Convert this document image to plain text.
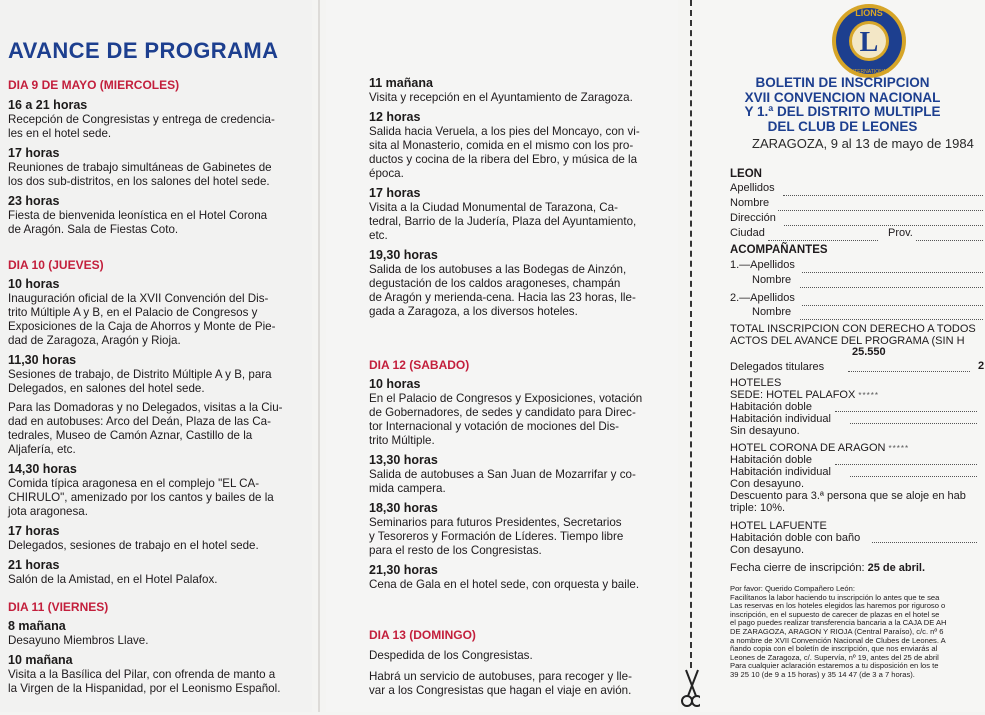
AVANCE DE PROGRAMA
DIA 9 DE MAYO (MIERCOLES)
16 a 21 horas
Recepción de Congresistas y entrega de credencia-
les en el hotel sede.
17 horas
Reuniones de trabajo simultáneas de Gabinetes de
los dos sub-distritos, en los salones del hotel sede.
23 horas
Fiesta de bienvenida leonística en el Hotel Corona
de Aragón. Sala de Fiestas Coto.
DIA 10 (JUEVES)
10 horas
Inauguración oficial de la XVII Convención del Dis-
trito Múltiple A y B, en el Palacio de Congresos y
Exposiciones de la Caja de Ahorros y Monte de Pie-
dad de Zaragoza, Aragón y Rioja.
11,30 horas
Sesiones de trabajo, de Distrito Múltiple A y B, para
Delegados, en salones del hotel sede.
Para las Domadoras y no Delegados, visitas a la Ciu-
dad en autobuses: Arco del Deán, Plaza de las Ca-
tedrales, Museo de Camón Aznar, Castillo de la
Aljafería, etc.
14,30 horas
Comida típica aragonesa en el complejo "EL CA-
CHIRULO", amenizado por los cantos y bailes de la
jota aragonesa.
17 horas
Delegados, sesiones de trabajo en el hotel sede.
21 horas
Salón de la Amistad, en el Hotel Palafox.
DIA 11 (VIERNES)
8 mañana
Desayuno Miembros Llave.
10 mañana
Visita a la Basílica del Pilar, con ofrenda de manto a
la Virgen de la Hispanidad, por el Leonismo Español.
11 mañana
Visita y recepción en el Ayuntamiento de Zaragoza.
12 horas
Salida hacia Veruela, a los pies del Moncayo, con vi-
sita al Monasterio, comida en el mismo con los pro-
ductos y cocina de la ribera del Ebro, y música de la
época.
17 horas
Visita a la Ciudad Monumental de Tarazona, Ca-
tedral, Barrio de la Judería, Plaza del Ayuntamiento,
etc.
19,30 horas
Salida de los autobuses a las Bodegas de Ainzón,
degustación de los caldos aragoneses, champán
de Aragón y merienda-cena. Hacia las 23 horas, lle-
gada a Zaragoza, a los diversos hoteles.
DIA 12 (SABADO)
10 horas
En el Palacio de Congresos y Exposiciones, votación
de Gobernadores, de sedes y candidato para Direc-
tor Internacional y votación de mociones del Dis-
trito Múltiple.
13,30 horas
Salida de autobuses a San Juan de Mozarrifar y co-
mida campera.
18,30 horas
Seminarios para futuros Presidentes, Secretarios
y Tesoreros y Formación de Líderes. Tiempo libre
para el resto de los Congresistas.
21,30 horas
Cena de Gala en el hotel sede, con orquesta y baile.
DIA 13 (DOMINGO)
Despedida de los Congresistas.
Habrá un servicio de autobuses, para recoger y lle-
var a los Congresistas que hagan el viaje en avión.
L
LIONS
INTERNATIONAL
BOLETIN DE INSCRIPCION
XVII CONVENCION NACIONAL
Y 1.ª DEL DISTRITO MULTIPLE
DEL CLUB DE LEONES
ZARAGOZA, 9 al 13 de mayo de 1984
LEON
Apellidos
Nombre
Dirección
Ciudad	Prov.
ACOMPAÑANTES
1.—Apellidos
Nombre
2.—Apellidos
Nombre
TOTAL INSCRIPCION CON DERECHO A TODOS
ACTOS DEL AVANCE DEL PROGRAMA (SIN H
25.550
Delegados titulares	2
HOTELES
SEDE: HOTEL PALAFOX *****
Habitación doble
Habitación individual
Sin desayuno.
HOTEL CORONA DE ARAGON *****
Habitación doble
Habitación individual
Con desayuno.
Descuento para 3.ª persona que se aloje en hab
triple: 10%.
HOTEL LAFUENTE
Habitación doble con baño
Con desayuno.
Fecha cierre de inscripción: 25 de abril.
Por favor: Querido Compañero León:
Facilítanos la labor haciendo tu inscripción lo antes que te sea
Las reservas en los hoteles elegidos las haremos por riguroso o
inscripción, en el supuesto de carecer de plazas en el hotel se
el pago puedes realizar transferencia bancaria a la CAJA DE AH
DE ZARAGOZA, ARAGON Y RIOJA (Central Paraíso), c/c. nº 6
a nombre de XVII Convención Nacional de Clubes de Leones. A
ñando copia con el boletín de inscripción, que nos enviarás al
Leones de Zaragoza, c/. Supervía, nº 19, antes del 25 de abril
Para cualquier aclaración estaremos a tu disposición en los te
39 25 10 (de 9 a 15 horas) y 35 14 47 (de 3 a 7 horas).
